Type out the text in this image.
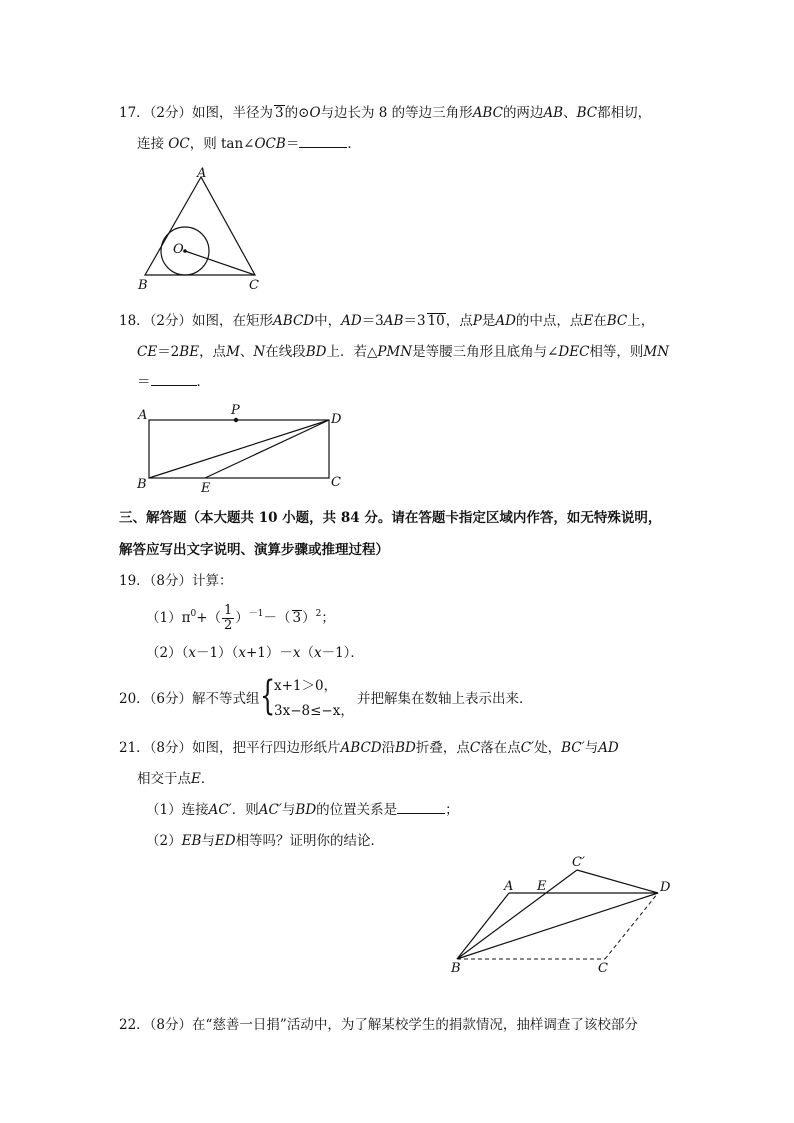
17．（2分）如图，半径为 3的⊙O与边长为 8 的等边三角形ABC的两边AB、BC都相切，
连接 OC，则 tan∠OCB＝	．
A
B	C
O
18．（2分）如图，在矩形ABCD中，AD＝3AB＝3 10，点P是AD的中点，点E在BC上，
CE＝2BE，点M、N在线段BD上．若△PMN是等腰三角形且底角与∠DEC相等，则MN
＝	．
A	P
D
B	E	C
三、解答题（本大题共 10 小题，共 84 分。请在答题卡指定区域内作答，如无特殊说明，
解答应写出文字说明、演算步骤或推理过程）
19．（8分）计算：
$(1)\pi^0+( \frac{1}{2} )^{-1}-$（ 3）$^2$；
（2）（x－1）（x+1）－x（x－1）．
20．（6分）解不等式组 {
x+1＞0，
3x−8≤−x，
并把解集在数轴上表示出来．
21．（8分）如图，把平行四边形纸片ABCD沿BD折叠，点C落在点C′处，BC′与AD
相交于点E．
（1）连接AC′．则AC′与BD的位置关系是	；
（2）EB与ED相等吗？证明你的结论．
A E
C′
D
B	C
22．（8分）在“慈善一日捐”活动中，为了解某校学生的捐款情况，抽样调查了该校部分
